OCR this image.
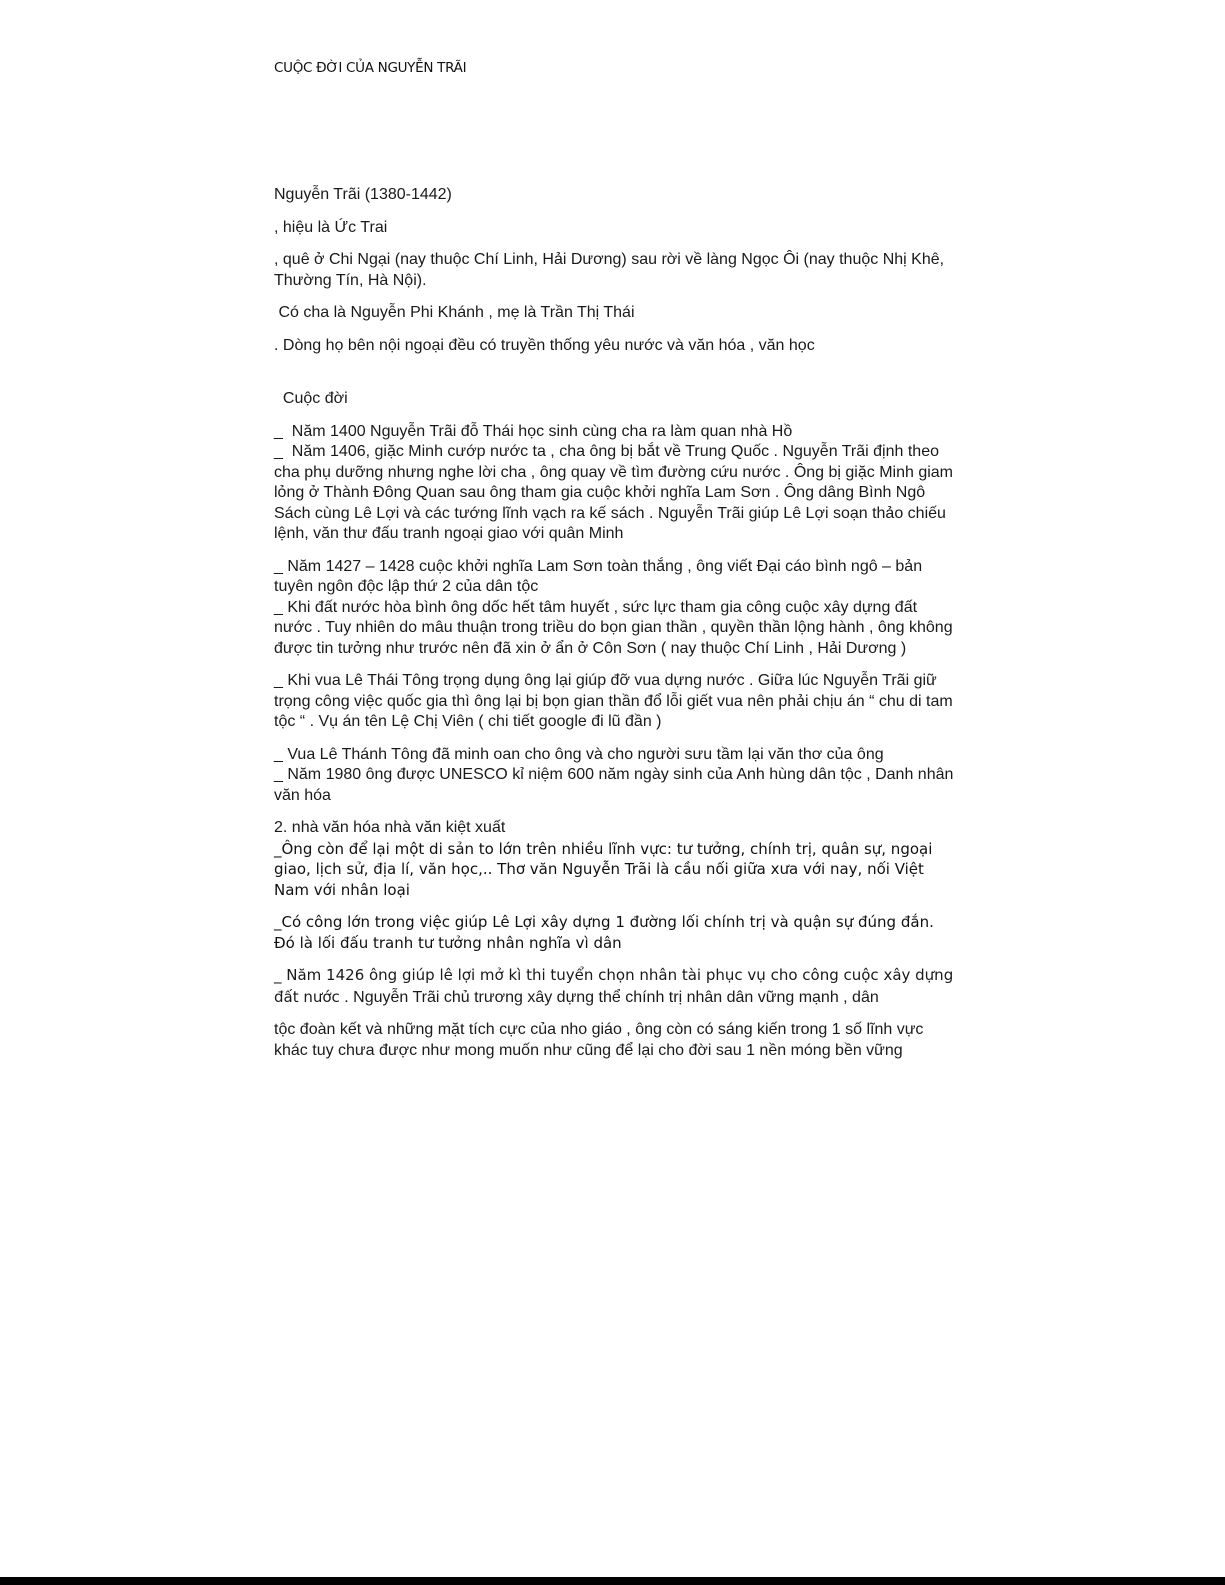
CUỘC ĐỜI CỦA NGUYỄN TRÃI

Nguyễn Trãi (1380-1442)

, hiệu là Ức Trai

, quê ở Chi Ngại (nay thuộc Chí Linh, Hải Dương) sau rời về làng Ngọc Ôi (nay thuộc Nhị Khê, Thường Tín, Hà Nội).

Có cha là Nguyễn Phi Khánh , mẹ là Trần Thị Thái

. Dòng họ bên nội ngoại đều có truyền thống yêu nước và văn hóa , văn học

Cuộc đời

_  Năm 1400 Nguyễn Trãi đỗ Thái học sinh cùng cha ra làm quan nhà Hồ

_  Năm 1406, giặc Minh cướp nước ta , cha ông bị bắt về Trung Quốc . Nguyễn Trãi định theo cha phụ dưỡng nhưng nghe lời cha , ông quay về tìm đường cứu nước . Ông bị giặc Minh giam lỏng ở Thành Đông Quan sau ông tham gia cuộc khởi nghĩa Lam Sơn . Ông dâng Bình Ngô Sách cùng Lê Lợi và các tướng lĩnh vạch ra kế sách . Nguyễn Trãi giúp Lê Lợi soạn thảo chiếu lệnh, văn thư đấu tranh ngoại giao với quân Minh

_ Năm 1427 – 1428 cuộc khởi nghĩa Lam Sơn toàn thắng , ông viết Đại cáo bình ngô – bản tuyên ngôn độc lập thứ 2 của dân tộc

_ Khi đất nước hòa bình ông dốc hết tâm huyết , sức lực tham gia công cuộc xây dựng đất nước . Tuy nhiên do mâu thuận trong triều do bọn gian thần , quyền thần lộng hành , ông không được tin tưởng như trước nên đã xin ở ẩn ở Côn Sơn ( nay thuộc Chí Linh , Hải Dương )

_ Khi vua Lê Thái Tông trọng dụng ông lại giúp đỡ vua dựng nước . Giữa lúc Nguyễn Trãi giữ trọng công việc quốc gia thì ông lại bị bọn gian thần đổ lỗi giết vua nên phải chịu án “ chu di tam tộc “ . Vụ án tên Lệ Chị Viên ( chi tiết google đi lũ đần )

_ Vua Lê Thánh Tông đã minh oan cho ông và cho người sưu tầm lại văn thơ của ông

_ Năm 1980 ông được UNESCO kỉ niệm 600 năm ngày sinh của Anh hùng dân tộc , Danh nhân văn hóa

2. nhà văn hóa nhà văn kiệt xuất

_Ông còn để lại một di sản to lớn trên nhiều lĩnh vực: tư tưởng, chính trị, quân sự, ngoại giao, lịch sử, địa lí, văn học,.. Thơ văn Nguyễn Trãi là cầu nối giữa xưa với nay, nối Việt Nam với nhân loại

_Có công lớn trong việc giúp Lê Lợi xây dựng 1 đường lối chính trị và quận sự đúng đắn. Đó là lối đấu tranh tư tưởng nhân nghĩa vì dân

_ Năm 1426 ông giúp lê lợi mở kì thi tuyển chọn nhân tài phục vụ cho công cuộc xây dựng đất nước . Nguyễn Trãi chủ trương xây dựng thể chính trị nhân dân vững mạnh , dân

tộc đoàn kết và những mặt tích cực của nho giáo , ông còn có sáng kiến trong 1 số lĩnh vực khác tuy chưa được như mong muốn như cũng để lại cho đời sau 1 nền móng bền vững
